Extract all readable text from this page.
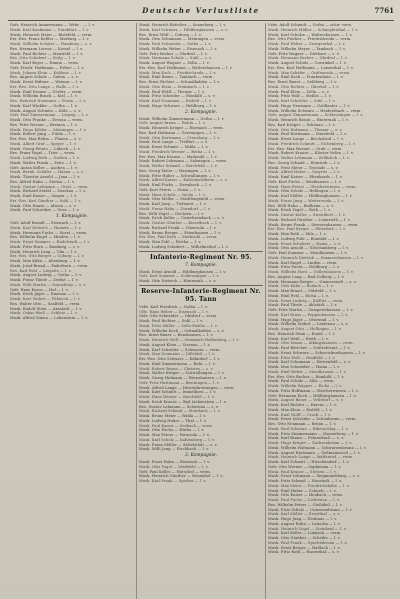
Deutsche Verlustliste	7761
Gefr. Heinrich Ammermann — Wehr... — l. v.
Musk. Karl Kaufmann — Frankfurt — l. v.
Musk. Heinrich Meier — Bielefeld — verm.
Ers.-Res. Franz Keßler — Marburg — l. v.
Musk. Wilhelm Schulze — Hamburg — s. v.
Res. Hermann Lorenz — Kassel — l. v.
Musk. Paul Richter — Mansfeld — l. v.
Res. Otto Schubert — Stolp — l. v.
Musk. Karl Beyer — Hamm — verm.
Gefr. Friedr. Hoffmann — Erfurt — l. v.
Musk. Johann Klein — Koblenz — l. v.
Res. August Scholz — Guben — s. v.
Musk. Ernst Hübner — Weimar — l. v.
Ers.-Res. Otto Lange — Halle — l. v.
Musk. Emil Krause — Görlitz — verm.
Musk. Wilhelm Busch — Kiel — l. v.
Res. Heinrich Neumann — Posen — l. v.
Musk. Karl Winkler — Gotha — l. v.
Musk. August Schmitz — Köln — s. v.
Gefr. Paul Zimmermann — Leipzig — l. v.
Musk. Otto Franke — Dessau — verm.
Res. Fritz Werner — Bremen — l. v.
Musk. Hugo Köhler — Meiningen — l. v.
Musk. Robert Jung — Fulda — l. v.
Ers.-Res. Max Böhm — Plauen — s. v.
Musk. Albert Graf — Speyer — l. v.
Musk. Georg Peters — Lübeck — l. v.
Res. Franz Vogel — Trier — verm.
Musk. Ludwig Roth — Gießen — l. v.
Musk. Walter Frank — Zeitz — l. v.
Gefr. Anton Keller — Aachen — l. v.
Musk. Bernh. Schäfer — Hanau — s. v.
Musk. Theodor Arnold — Jena — l. v.
Res. Alfred Hahn — Stettin — l. v.
Musk. Gustav Lehmann — Greiz — verm.
Musk. Richard Seidel — Zwickau — l. v.
Musk. Emil Kaiser — Siegen — l. v.
Ers.-Res. Karl Günther — Suhl — l. v.
Musk. Otto Haase — Altona — s. v.
Musk. Paul Schreiber — Gera — l. v.
1. Kompagnie.
Gefr. Adolf Brandt — Eisenach — l. v.
Musk. Karl Dietrich — Hameln — l. v.
Musk. Hermann Fuchs — Soest — verm.
Res. Wilhelm Engel — Minden — l. v.
Musk. Ernst Sommer — Rudolstadt — l. v.
Musk. Fritz Horn — Bamberg — s. v.
Musk. Heinrich Lang — Ulm — l. v.
Ers.-Res. Otto Berger — Coburg — l. v.
Musk. Max Kühn — Altenburg — l. v.
Musk. Josef Brand — Paderborn — verm.
Res. Karl Pohl — Liegnitz — l. v.
Musk. August Ludwig — Gotha — l. v.
Musk. Franz Thiele — Zerbst — l. v.
Musk. Willi Martin — Sonneberg — s. v.
Gefr. Hans Kraus — Hof — l. v.
Musk. Erich Jäger — Ilmenau — l. v.
Musk. Kurt Seifert — Pößneck — l. v.
Res. Walter Otto — Saalfeld — verm.
Musk. Rudolf Stein — Arnstadt — l. v.
Musk. Oskar Weiß — Schleiz — l. v.
Musk. Alfred Simon — Lobenstein — l. v.
Musk. Heinrich Böttcher — Sonneberg — l. v.
Musk. Karl Schwarz — Hildburghausen — s. v.
Res. Ernst Wolf — Coburg — l. v.
Musk. Otto Schumann — Meiningen — verm.
Musk. Paul Schneider — Gotha — l. v.
Musk. Wilhelm Weber — Eisenach — l. v.
Gefr. Fritz Becker — Ohrdruf — l. v.
Musk. Hermann Schulz — Suhl — s. v.
Musk. August Wagner — Zella — l. v.
Ers.-Res. Karl Hoffmann — Waltershausen — l. v.
Musk. Max Koch — Friedrichroda — l. v.
Musk. Emil Bauer — Tambach — verm.
Res. Ernst Richter — Schmalkalden — l. v.
Musk. Otto Klein — Steinbach — l. v.
Musk. Paul Wolff — Themar — l. v.
Musk. Fritz Schröder — Römhild — s. v.
Musk. Karl Neumann — Eisfeld — l. v.
Musk. Hugo Schwarz — Heldburg — l. v.
2. Kompagnie.
Musk. Wilhelm Zimmermann — Gotha — l. v.
Gefr. August Braun — Ruhla — l. v.
Musk. Heinrich Krüger — Eisenach — verm.
Res. Karl Hofmann — Gerstungen — l. v.
Musk. Otto Hartmann — Creuzburg — l. v.
Musk. Paul Lange — Treffurt — s. v.
Musk. Ernst Schmitt — Mihla — l. v.
Musk. Friedrich Werner — Berka — l. v.
Ers.-Res. Max Krause — Marksuhl — l. v.
Musk. Robert Lehmann — Salzungen — verm.
Musk. Walter Schmid — Barchfeld — l. v.
Res. Georg Meier — Wasungen — l. v.
Musk. Fritz Huber — Schwallungen — l. v.
Musk. Alfred Kaiser — Kaltennordheim — s. v.
Musk. Emil Fuchs — Dermbach — l. v.
Gefr. Kurt Peters — Geisa — l. v.
Musk. Hans Scholz — Vacha — l. v.
Musk. Otto Möller — Stadtlengsfeld — verm.
Musk. Karl Jung — Tiefenort — l. v.
Musk. Franz Hahn — Dorndorf — l. v.
Res. Willi Vogel — Oechsen — l. v.
Musk. Erich Keller — Unterbreizbach — s. v.
Musk. Gustav Günther — Kieselbach — l. v.
Musk. Richard Frank — Vitzeroda — l. v.
Musk. Bruno Berger — Ettenhausen — l. v.
Ers.-Res. Paul Roth — Marksuhl — verm.
Musk. Max Pohl — Förtha — l. v.
Musk. Ludwig Schubert — Wilhelmsthal — l. v.
Infanterie-Regiment Nr. 95.
7. Kompagnie.
Musk. Ernst Arnold — Hildburghausen — l. v.
Gefr. Karl Sommer — Schleusingen — l. v.
Musk. Otto Dietrich — Hinternah — s. v.
Reserve-Infanterie-Regiment Nr. 95. Tann
Vzfw. Karl Friedrich — Gotha — l. v.
Uffz. Hans Weber — Eisenach — l. v.
Gefr. Otto Schneider — Ohrdruf — verm.
Musk. Paul Richter — Suhl — l. v.
Musk. Fritz Müller — Zella-Mehlis — l. v.
Musk. Wilhelm Koch — Schmalkalden — s. v.
Res. Ernst Bauer — Benshausen — l. v.
Musk. Heinrich Wolf — Steinbach-Hallenberg — l. v.
Musk. August Klein — Viernau — l. v.
Musk. Karl Schröder — Schwarza — verm.
Musk. Max Neumann — Dillstädt — l. v.
Ers.-Res. Otto Schwarz — Kühndorf — l. v.
Musk. Emil Zimmermann — Rohr — l. v.
Musk. Robert Braun — Christes — s. v.
Musk. Walter Krüger — Schwallungen — l. v.
Musk. Georg Hofmann — Wernshausen — l. v.
Gefr. Fritz Hartmann — Breitungen — l. v.
Musk. Alfred Lange — Herrenbreitungen — verm.
Musk. Kurt Schmitt — Immelborn — l. v.
Musk. Hans Werner — Barchfeld — l. v.
Musk. Erich Krause — Bad Liebenstein — l. v.
Res. Gustav Lehmann — Schweina — s. v.
Musk. Richard Schmid — Steinbach — l. v.
Musk. Bruno Meier — Ruhla — l. v.
Musk. Ludwig Huber — Thal — l. v.
Musk. Paul Kaiser — Seebach — verm.
Musk. Otto Fuchs — Wutha — l. v.
Musk. Max Peters — Farnroda — l. v.
Musk. Karl Scholz — Kahlenberg — l. v.
Musk. Franz Möller — Sättelstädt — s. v.
Musk. Willi Jung — Fischbach — l. v.
3. Kompagnie.
Musk. Ernst Hahn — Eisenach — l. v.
Musk. Otto Vogel — Stedtfeld — l. v.
Gefr. Paul Keller — Hörschel — verm.
Musk. Heinrich Günther — Neuenhof — l. v.
Musk. Karl Frank — Spichra — l. v.
Vzfw. Adolf Schmidt — Gotha — schw. verw.
Musk. Heinrich Müller — Schnepfenthal — l. v.
Musk. Karl Schulze — Waltershausen — l. v.
Res. Otto Fischer — Friedrichroda — verm.
Musk. Paul Weber — Georgenthal — l. v.
Musk. Wilhelm Meyer — Tambach — l. v.
Gefr. Fritz Wagner — Dietharz — s. v.
Musk. Hermann Becker — Ohrdruf — l. v.
Musk. August Schulz — Crawinkel — l. v.
Ers.-Res. Karl Hoffmann — Luisenthal — l. v.
Musk. Max Schäfer — Gräfenroda — verm.
Musk. Emil Koch — Frankenhain — l. v.
Res. Ernst Bauer — Gehlberg — l. v.
Musk. Otto Richter — Oberhof — l. v.
Musk. Paul Klein — Zella — s. v.
Musk. Fritz Wolf — Mehlis — l. v.
Musk. Karl Schröder — Suhl — l. v.
Musk. Hugo Neumann — Goldlauter — l. v.
Musk. Wilhelm Schwarz — Heidersbach — verm.
Gefr. August Zimmermann — Schleusingen — l. v.
Musk. Heinrich Braun — Hinternah — l. v.
Res. Karl Krüger — Schönau — l. v.
Musk. Otto Hofmann — Themar — s. v.
Musk. Paul Hartmann — Marisfeld — l. v.
Musk. Ernst Lange — Bischofrod — l. v.
Musk. Friedrich Schmitt — Eichenberg — l. v.
Ers.-Res. Max Werner — Grub — verm.
Musk. Robert Krause — Kloster Veßra — l. v.
Musk. Walter Lehmann — Zollbrück — l. v.
Res. Georg Schmid — Reurieth — l. v.
Musk. Fritz Meier — Trostadt — s. v.
Musk. Alfred Huber — Siegritz — l. v.
Musk. Emil Kaiser — Ebenhards — l. v.
Gefr. Kurt Fuchs — Westhausen — l. v.
Musk. Hans Peters — Gleicherwiesen — verm.
Musk. Otto Scholz — Hellingen — l. v.
Musk. Karl Möller — Hildburghausen — l. v.
Musk. Franz Jung — Weitersroda — l. v.
Res. Willi Hahn — Bedheim — s. v.
Musk. Erich Vogel — Roth — l. v.
Musk. Gustav Keller — Streufdorf — l. v.
Musk. Richard Günther — Leimrieth — l. v.
Musk. Bruno Frank — Stressenhausen — verm.
Ers.-Res. Paul Berger — Pfersdorf — l. v.
Musk. Max Roth — Milz — l. v.
Musk. Ludwig Pohl — Römhild — l. v.
Musk. Ernst Schubert — Haina — s. v.
Musk. Otto Arnold — Gleichamberg — l. v.
Gefr. Paul Sommer — Mendhausen — l. v.
Musk. Heinrich Dietrich — Simmershausen — l. v.
Musk. Karl Engel — Linden — verm.
Musk. Fritz Fuchs — Heldburg — l. v.
Musk. Wilhelm Horn — Gellershausen — l. v.
Res. August Lang — Bad Colberg — l. v.
Musk. Hermann Berger — Ummerstadt — s. v.
Musk. Otto Kühn — Rodach — l. v.
Musk. Max Brand — Sülzfeld — l. v.
Musk. Emil Pohl — Eicha — l. v.
Musk. Ernst Ludwig — Käßlitz — verm.
Musk. Paul Thiele — Ahlstädt — l. v.
Gefr. Fritz Martin — Gompertshausen — l. v.
Musk. Karl Kraus — Poppenhausen — l. v.
Musk. Hugo Jäger — Ottowind — l. v.
Musk. Wilhelm Seifert — Lindenau — s. v.
Musk. August Otto — Hellingen — l. v.
Res. Heinrich Stein — Einöd — l. v.
Musk. Karl Weiß — Rieth — l. v.
Musk. Otto Simon — Albingshausen — verm.
Musk. Paul Böttcher — Schlechtsart — l. v.
Musk. Ernst Schwarz — Schweickershausen — l. v.
Musk. Fritz Wolf — Hindfeld — l. v.
Musk. Karl Schumann — Westenfeld — s. v.
Musk. Max Schneider — Haina — l. v.
Musk. Emil Weber — Mendhausen — l. v.
Ers.-Res. Otto Becker — Römhild — l. v.
Musk. Paul Schulz — Milz — verm.
Musk. Wilhelm Wagner — Eicha — l. v.
Musk. Fritz Hoffmann — Gleicherwiesen — l. v.
Gefr. Hermann Koch — Hildburghausen — l. v.
Musk. August Bauer — Veilsdorf — s. v.
Musk. Karl Richter — Harras — l. v.
Musk. Max Klein — Eisfeld — l. v.
Musk. Emil Wolff — Crock — l. v.
Musk. Ernst Schröder — Schönbrunn — verm.
Res. Otto Neumann — Brünn — l. v.
Musk. Paul Schwarz — Biberschlag — l. v.
Musk. Fritz Zimmermann — Masserberg — l. v.
Musk. Karl Braun — Fehrenbach — s. v.
Musk. Hugo Krüger — Sachsenbrunn — l. v.
Musk. Wilhelm Hofmann — Schwarzenbrunn — l. v.
Musk. August Hartmann — Goßmannsrod — l. v.
Musk. Heinrich Lange — Waffenrod — verm.
Musk. Karl Schmitt — Hirschendorf — l. v.
Gefr. Otto Werner — Sophienau — l. v.
Musk. Paul Krause — Stelzen — l. v.
Musk. Ernst Lehmann — Siegmundsburg — s. v.
Musk. Fritz Schmid — Neustadt — l. v.
Musk. Max Meier — Friedrichshöhe — l. v.
Musk. Emil Huber — Schnett — l. v.
Musk. Otto Kaiser — Heubach — verm.
Musk. Paul Fuchs — Lichtenau — l. v.
Res. Wilhelm Peters — Gießübel — l. v.
Musk. Fritz Scholz — Unterneubrunn — l. v.
Musk. Karl Möller — Ernstthal — s. v.
Musk. Hugo Jung — Neuhaus — l. v.
Musk. August Hahn — Lauscha — l. v.
Musk. Heinrich Vogel — Steinheid — l. v.
Musk. Karl Keller — Limbach — verm.
Musk. Otto Günther — Scheibe — l. v.
Musk. Paul Frank — Spechtsbrunn — l. v.
Musk. Ernst Berger — Haßlach — l. v.
Musk. Fritz Roth — Hasenthal — s. v.
